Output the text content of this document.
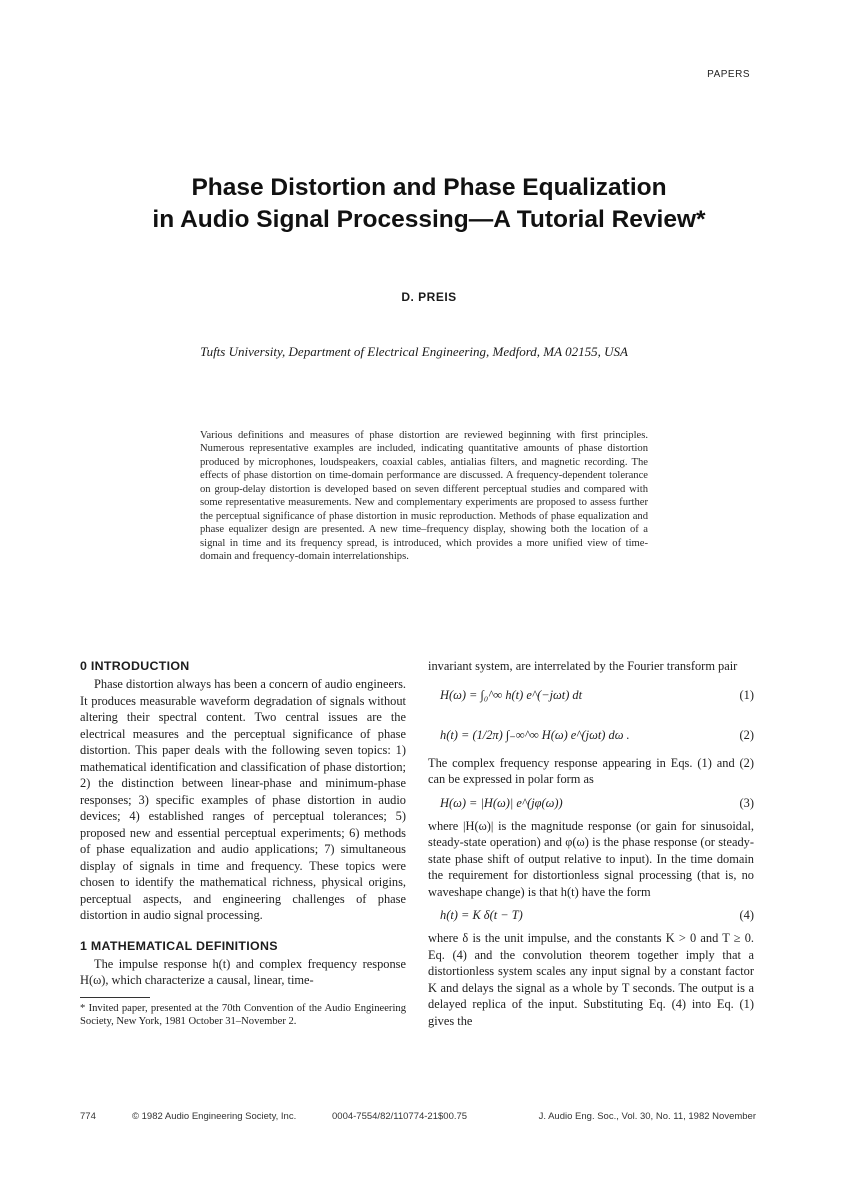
PAPERS
Phase Distortion and Phase Equalization
in Audio Signal Processing—A Tutorial Review*
D. PREIS
Tufts University, Department of Electrical Engineering, Medford, MA 02155, USA

Various definitions and measures of phase distortion are reviewed beginning with first principles. Numerous representative examples are included, indicating quantitative amounts of phase distortion produced by microphones, loudspeakers, coaxial cables, antialias filters, and magnetic recording. The effects of phase distortion on time-domain performance are discussed. A frequency-dependent tolerance on group-delay distortion is developed based on seven different perceptual studies and compared with some representative measurements. New and complementary experiments are proposed to assess further the perceptual significance of phase distortion in music reproduction. Methods of phase equalization and phase equalizer design are presented. A new time–frequency display, showing both the location of a signal in time and its frequency spread, is introduced, which provides a more unified view of time-domain and frequency-domain interrelationships.

0 INTRODUCTION

Phase distortion always has been a concern of audio engineers. It produces measurable waveform degradation of signals without altering their spectral content. Two central issues are the electrical measures and the perceptual significance of phase distortion. This paper deals with the following seven topics: 1) mathematical identification and classification of phase distortion; 2) the distinction between linear-phase and minimum-phase responses; 3) specific examples of phase distortion in audio devices; 4) established ranges of perceptual tolerances; 5) proposed new and essential perceptual experiments; 6) methods of phase equalization and audio applications; 7) simultaneous display of signals in time and frequency. These topics were chosen to identify the mathematical richness, physical origins, perceptual aspects, and engineering challenges of phase distortion in audio signal processing.

1 MATHEMATICAL DEFINITIONS

The impulse response h(t) and complex frequency response H(ω), which characterize a causal, linear, time-

* Invited paper, presented at the 70th Convention of the Audio Engineering Society, New York, 1981 October 31–November 2.

invariant system, are interrelated by the Fourier transform pair

H(ω) = ∫₀^∞ h(t) e^(−jωt) dt	(1)
h(t) = (1/2π) ∫₋∞^∞ H(ω) e^(jωt) dω .	(2)

The complex frequency response appearing in Eqs. (1) and (2) can be expressed in polar form as

H(ω) = |H(ω)| e^(jφ(ω))	(3)

where |H(ω)| is the magnitude response (or gain for sinusoidal, steady-state operation) and φ(ω) is the phase response (or steady-state phase shift of output relative to input). In the time domain the requirement for distortionless signal processing (that is, no waveshape change) is that h(t) have the form

h(t) = K δ(t − T)	(4)

where δ is the unit impulse, and the constants K > 0 and T ≥ 0. Eq. (4) and the convolution theorem together imply that a distortionless system scales any input signal by a constant factor K and delays the signal as a whole by T seconds. The output is a delayed replica of the input. Substituting Eq. (4) into Eq. (1) gives the

774	© 1982 Audio Engineering Society, Inc.	0004-7554/82/110774-21$00.75	J. Audio Eng. Soc., Vol. 30, No. 11, 1982 November
